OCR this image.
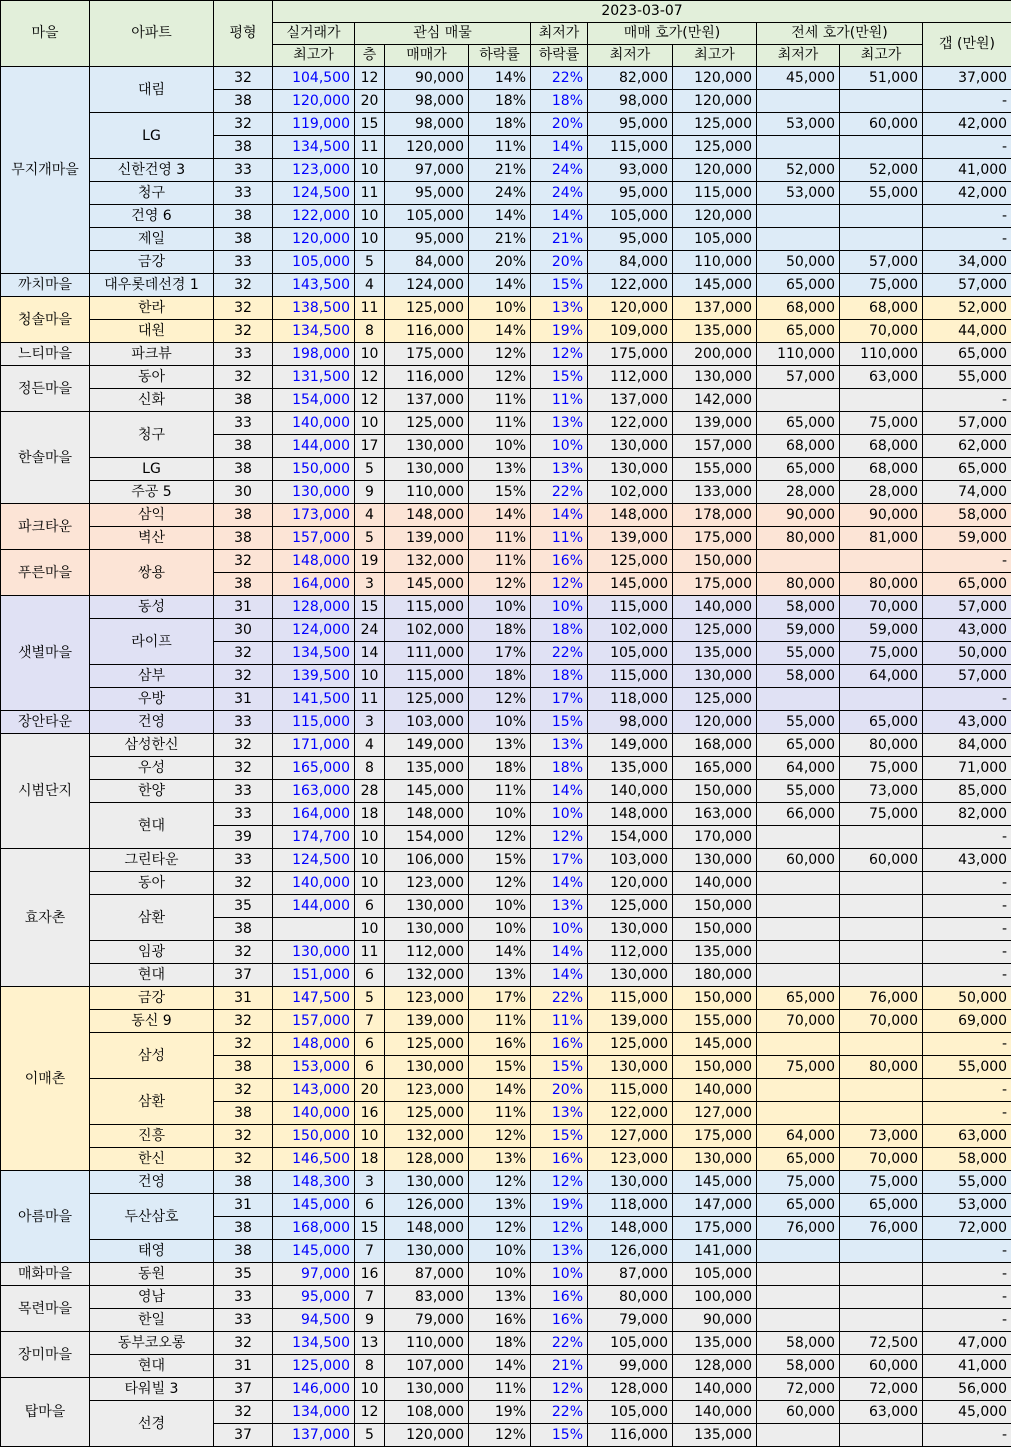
마을	아파트	평형	2023-03-07									
			실거래가	관심 매물			최저가	매매 호가(만원)		전세 호가(만원)		갭 (만원)
			최고가	층	매매가	하락률	하락률	최저가	최고가	최저가	최고가	
무지개마을	대림	32	104,500	12	90,000	14%	22%	82,000	120,000	45,000	51,000	37,000
		38	120,000	20	98,000	18%	18%	98,000	120,000			-
	LG	32	119,000	15	98,000	18%	20%	95,000	125,000	53,000	60,000	42,000
		38	134,500	11	120,000	11%	14%	115,000	125,000			-
	신한건영 3	33	123,000	10	97,000	21%	24%	93,000	120,000	52,000	52,000	41,000
	청구	33	124,500	11	95,000	24%	24%	95,000	115,000	53,000	55,000	42,000
	건영 6	38	122,000	10	105,000	14%	14%	105,000	120,000			-
	제일	38	120,000	10	95,000	21%	21%	95,000	105,000			-
	금강	33	105,000	5	84,000	20%	20%	84,000	110,000	50,000	57,000	34,000
까치마을	대우롯데선경 1	32	143,500	4	124,000	14%	15%	122,000	145,000	65,000	75,000	57,000
청솔마을	한라	32	138,500	11	125,000	10%	13%	120,000	137,000	68,000	68,000	52,000
	대원	32	134,500	8	116,000	14%	19%	109,000	135,000	65,000	70,000	44,000
느티마을	파크뷰	33	198,000	10	175,000	12%	12%	175,000	200,000	110,000	110,000	65,000
정든마을	동아	32	131,500	12	116,000	12%	15%	112,000	130,000	57,000	63,000	55,000
	신화	38	154,000	12	137,000	11%	11%	137,000	142,000			-
한솔마을	청구	33	140,000	10	125,000	11%	13%	122,000	139,000	65,000	75,000	57,000
		38	144,000	17	130,000	10%	10%	130,000	157,000	68,000	68,000	62,000
	LG	38	150,000	5	130,000	13%	13%	130,000	155,000	65,000	68,000	65,000
	주공 5	30	130,000	9	110,000	15%	22%	102,000	133,000	28,000	28,000	74,000
파크타운	삼익	38	173,000	4	148,000	14%	14%	148,000	178,000	90,000	90,000	58,000
	벽산	38	157,000	5	139,000	11%	11%	139,000	175,000	80,000	81,000	59,000
푸른마을	쌍용	32	148,000	19	132,000	11%	16%	125,000	150,000			-
		38	164,000	3	145,000	12%	12%	145,000	175,000	80,000	80,000	65,000
샛별마을	동성	31	128,000	15	115,000	10%	10%	115,000	140,000	58,000	70,000	57,000
	라이프	30	124,000	24	102,000	18%	18%	102,000	125,000	59,000	59,000	43,000
		32	134,500	14	111,000	17%	22%	105,000	135,000	55,000	75,000	50,000
	삼부	32	139,500	10	115,000	18%	18%	115,000	130,000	58,000	64,000	57,000
	우방	31	141,500	11	125,000	12%	17%	118,000	125,000			-
장안타운	건영	33	115,000	3	103,000	10%	15%	98,000	120,000	55,000	65,000	43,000
시범단지	삼성한신	32	171,000	4	149,000	13%	13%	149,000	168,000	65,000	80,000	84,000
	우성	32	165,000	8	135,000	18%	18%	135,000	165,000	64,000	75,000	71,000
	한양	33	163,000	28	145,000	11%	14%	140,000	150,000	55,000	73,000	85,000
	현대	33	164,000	18	148,000	10%	10%	148,000	163,000	66,000	75,000	82,000
		39	174,700	10	154,000	12%	12%	154,000	170,000			-
효자촌	그린타운	33	124,500	10	106,000	15%	17%	103,000	130,000	60,000	60,000	43,000
	동아	32	140,000	10	123,000	12%	14%	120,000	140,000			-
	삼환	35	144,000	6	130,000	10%	13%	125,000	150,000			-
		38		10	130,000	10%	10%	130,000	150,000			-
	임광	32	130,000	11	112,000	14%	14%	112,000	135,000			-
	현대	37	151,000	6	132,000	13%	14%	130,000	180,000			-
이매촌	금강	31	147,500	5	123,000	17%	22%	115,000	150,000	65,000	76,000	50,000
	동신 9	32	157,000	7	139,000	11%	11%	139,000	155,000	70,000	70,000	69,000
	삼성	32	148,000	6	125,000	16%	16%	125,000	145,000			-
		38	153,000	6	130,000	15%	15%	130,000	150,000	75,000	80,000	55,000
	삼환	32	143,000	20	123,000	14%	20%	115,000	140,000			-
		38	140,000	16	125,000	11%	13%	122,000	127,000			-
	진흥	32	150,000	10	132,000	12%	15%	127,000	175,000	64,000	73,000	63,000
	한신	32	146,500	18	128,000	13%	16%	123,000	130,000	65,000	70,000	58,000
아름마을	건영	38	148,300	3	130,000	12%	12%	130,000	145,000	75,000	75,000	55,000
	두산삼호	31	145,000	6	126,000	13%	19%	118,000	147,000	65,000	65,000	53,000
		38	168,000	15	148,000	12%	12%	148,000	175,000	76,000	76,000	72,000
	태영	38	145,000	7	130,000	10%	13%	126,000	141,000			-
매화마을	동원	35	97,000	16	87,000	10%	10%	87,000	105,000			-
목련마을	영남	33	95,000	7	83,000	13%	16%	80,000	100,000			-
	한일	33	94,500	9	79,000	16%	16%	79,000	90,000			-
장미마을	동부코오롱	32	134,500	13	110,000	18%	22%	105,000	135,000	58,000	72,500	47,000
	현대	31	125,000	8	107,000	14%	21%	99,000	128,000	58,000	60,000	41,000
탑마을	타워빌 3	37	146,000	10	130,000	11%	12%	128,000	140,000	72,000	72,000	56,000
	선경	32	134,000	12	108,000	19%	22%	105,000	140,000	60,000	63,000	45,000
		37	137,000	5	120,000	12%	15%	116,000	135,000			-
